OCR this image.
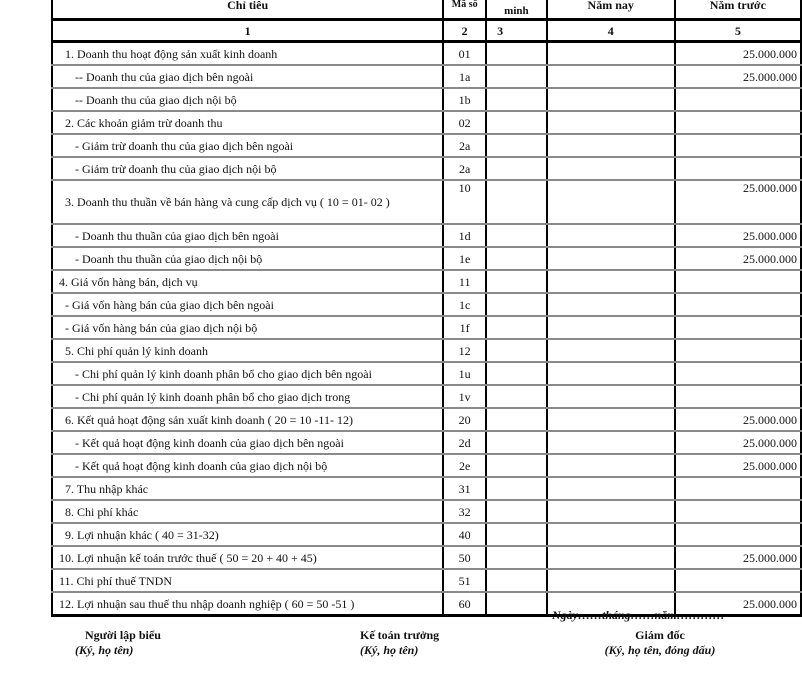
Chỉ tiêu	$^{Mã số}$	minh	Năm nay	Năm trước
1	2	3	4	5
1. Doanh thu hoạt động sản xuất kinh doanh	01			25.000.000
-- Doanh thu của giao dịch bên ngoài	1a			25.000.000
-- Doanh thu của giao dịch nội bộ	1b			
2. Các khoản giảm trừ doanh thu	02			
- Giảm trừ doanh thu của giao dịch bên ngoài	2a			
- Giảm trừ doanh thu của giao dịch nội bộ	2a			
3. Doanh thu thuần về bán hàng và cung cấp dịch vụ ( 10 = 01- 02 )	10			25.000.000
- Doanh thu thuần của giao dịch bên ngoài	1d			25.000.000
- Doanh thu thuần của giao dịch nội bộ	1e			25.000.000
4. Giá vốn hàng bán, dịch vụ	11			
- Giá vốn hàng bán của giao dịch bên ngoài	1c			
- Giá vốn hàng bán của giao dịch nội bộ	1f			
5. Chi phí quản lý kinh doanh	12			
- Chi phí quản lý kinh doanh phân bổ cho giao dịch bên ngoài	1u			
- Chi phí quản lý kinh doanh phân bổ cho giao dịch trong	1v			
6. Kết quả hoạt động sản xuất kinh doanh ( 20 = 10 -11- 12)	20			25.000.000
- Kết quả hoạt động kinh doanh của giao dịch bên ngoài	2d			25.000.000
- Kết quả hoạt động kinh doanh của giao dịch nội bộ	2e			25.000.000
7. Thu nhập khác	31			
8. Chi phí khác	32			
9. Lợi nhuận khác ( 40 = 31-32)	40			
10. Lợi nhuận kế toán trước thuế ( 50 = 20 + 40 + 45)	50			25.000.000
11. Chi phí thuế TNDN	51			
12. Lợi nhuận sau thuế thu nhập doanh nghiệp ( 60 = 50 -51 )	60			25.000.000
Ngày……tháng……năm…………
Người lập biểu
(Ký, họ tên)
Kế toán trưởng
(Ký, họ tên)
Giám đốc
(Ký, họ tên, đóng dấu)
